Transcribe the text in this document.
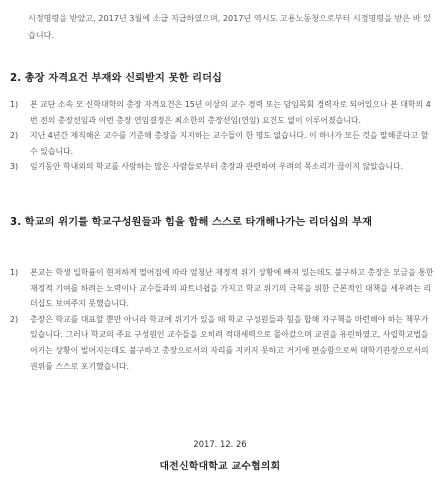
시정명령을 받았고, 2017년 3월에 소급 지급하였으며, 2017년 역시도 고용노동청으로부터 시정명령을 받은 바 있습니다.

2. 총장 자격요건 부재와 신뢰받지 못한 리더십
1)	본 교단 소속 모 신학대학의 총장 자격요건은 15년 이상의 교수 경력 또는 담임목회 경력자로 되어있으나 본 대학의 4번 전의 총장선임과 이번 총장 연임결정은 최소한의 총장선임(연임) 요건도 없이 이루어졌습니다.
2)	지난 4년간 제직해온 교수를 기준해 총장을 지지하는 교수들이 한 명도 없습니다. 이 하나가 모든 것을 말해준다고 할 수 있습니다.
3)	임기동안 학내외의 학교를 사랑하는 많은 사람들로부터 총장과 관련하여 우려의 목소리가 끊이지 않았습니다.
3. 학교의 위기를 학교구성원들과 힘을 합해 스스로 타개해나가는 리더십의 부재
1)	본교는 학생 입학률이 현저하게 떨어짐에 따라 엄청난 재정적 위기 상황에 빠져 있는데도 불구하고 총장은 모금을 통한 재정적 기여를 하려는 노력이나 교수들과의 파트너쉽을 가지고 학교 위기의 극복을 위한 근본적인 대책을 세우려는 리더십도 보여주지 못했습니다.
2)	총장은 학교를 대표할 뿐만 아니라 학교에 위기가 있을 때 학교 구성원들과 힘을 합해 자구책을 마련해야 하는 책무가 있습니다. 그러나 학교의 주요 구성원인 교수들을 오히려 적대세력으로 몰아갔으며 교권을 유린하였고, 사립학교법을 어기는 상황이 벌어지는데도 불구하고 총장으로서의 자리를 지키지 못하고 거기에 편승함으로써 대학기관장으로서의 권위를 스스로 포기했습니다.

2017. 12. 26

대전신학대학교 교수협의회
